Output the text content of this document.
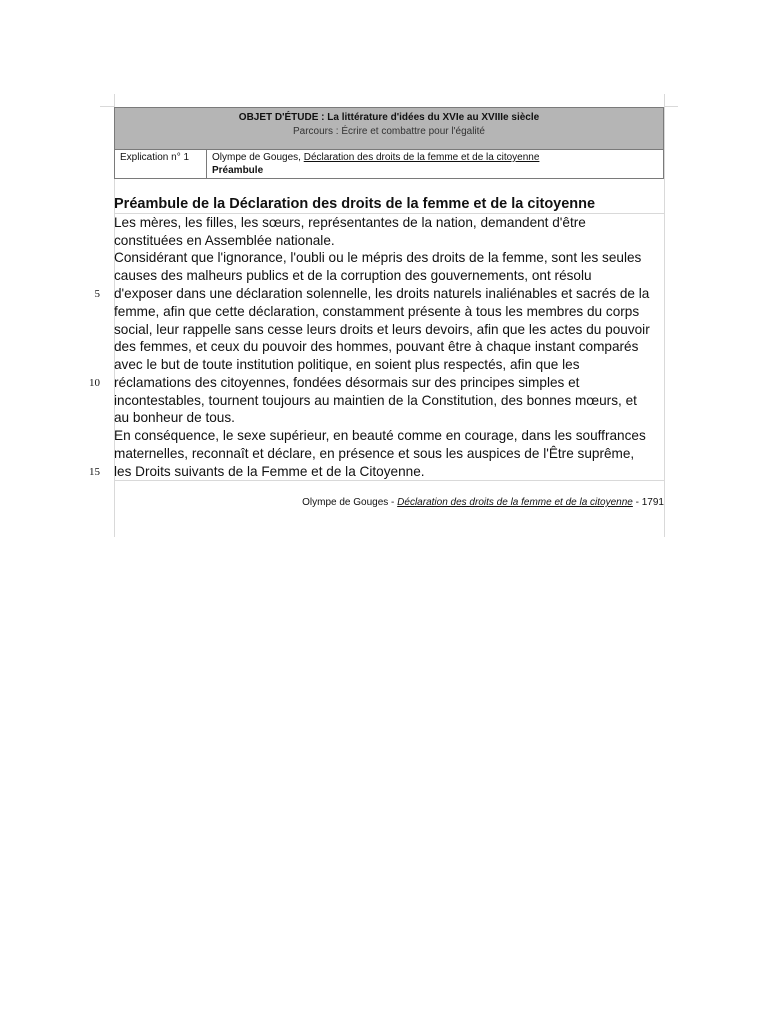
OBJET D'ÉTUDE : La littérature d'idées du XVIe au XVIIIe siècle
Parcours : Écrire et combattre pour l'égalité
Explication n° 1	Olympe de Gouges, Déclaration des droits de la femme et de la citoyenne
Préambule
Préambule de la Déclaration des droits de la femme et de la citoyenne
Les mères, les filles, les sœurs, représentantes de la nation, demandent d'être
constituées en Assemblée nationale.
Considérant que l'ignorance, l'oubli ou le mépris des droits de la femme, sont les seules
causes des malheurs publics et de la corruption des gouvernements, ont résolu
d'exposer dans une déclaration solennelle, les droits naturels inaliénables et sacrés de la
femme, afin que cette déclaration, constamment présente à tous les membres du corps
social, leur rappelle sans cesse leurs droits et leurs devoirs, afin que les actes du pouvoir
des femmes, et ceux du pouvoir des hommes, pouvant être à chaque instant comparés
avec le but de toute institution politique, en soient plus respectés, afin que les
réclamations des citoyennes, fondées désormais sur des principes simples et
incontestables, tournent toujours au maintien de la Constitution, des bonnes mœurs, et
au bonheur de tous.
En conséquence, le sexe supérieur, en beauté comme en courage, dans les souffrances
maternelles, reconnaît et déclare, en présence et sous les auspices de l'Être suprême,
les Droits suivants de la Femme et de la Citoyenne.
5
10
15
Olympe de Gouges - Déclaration des droits de la femme et de la citoyenne - 1791
